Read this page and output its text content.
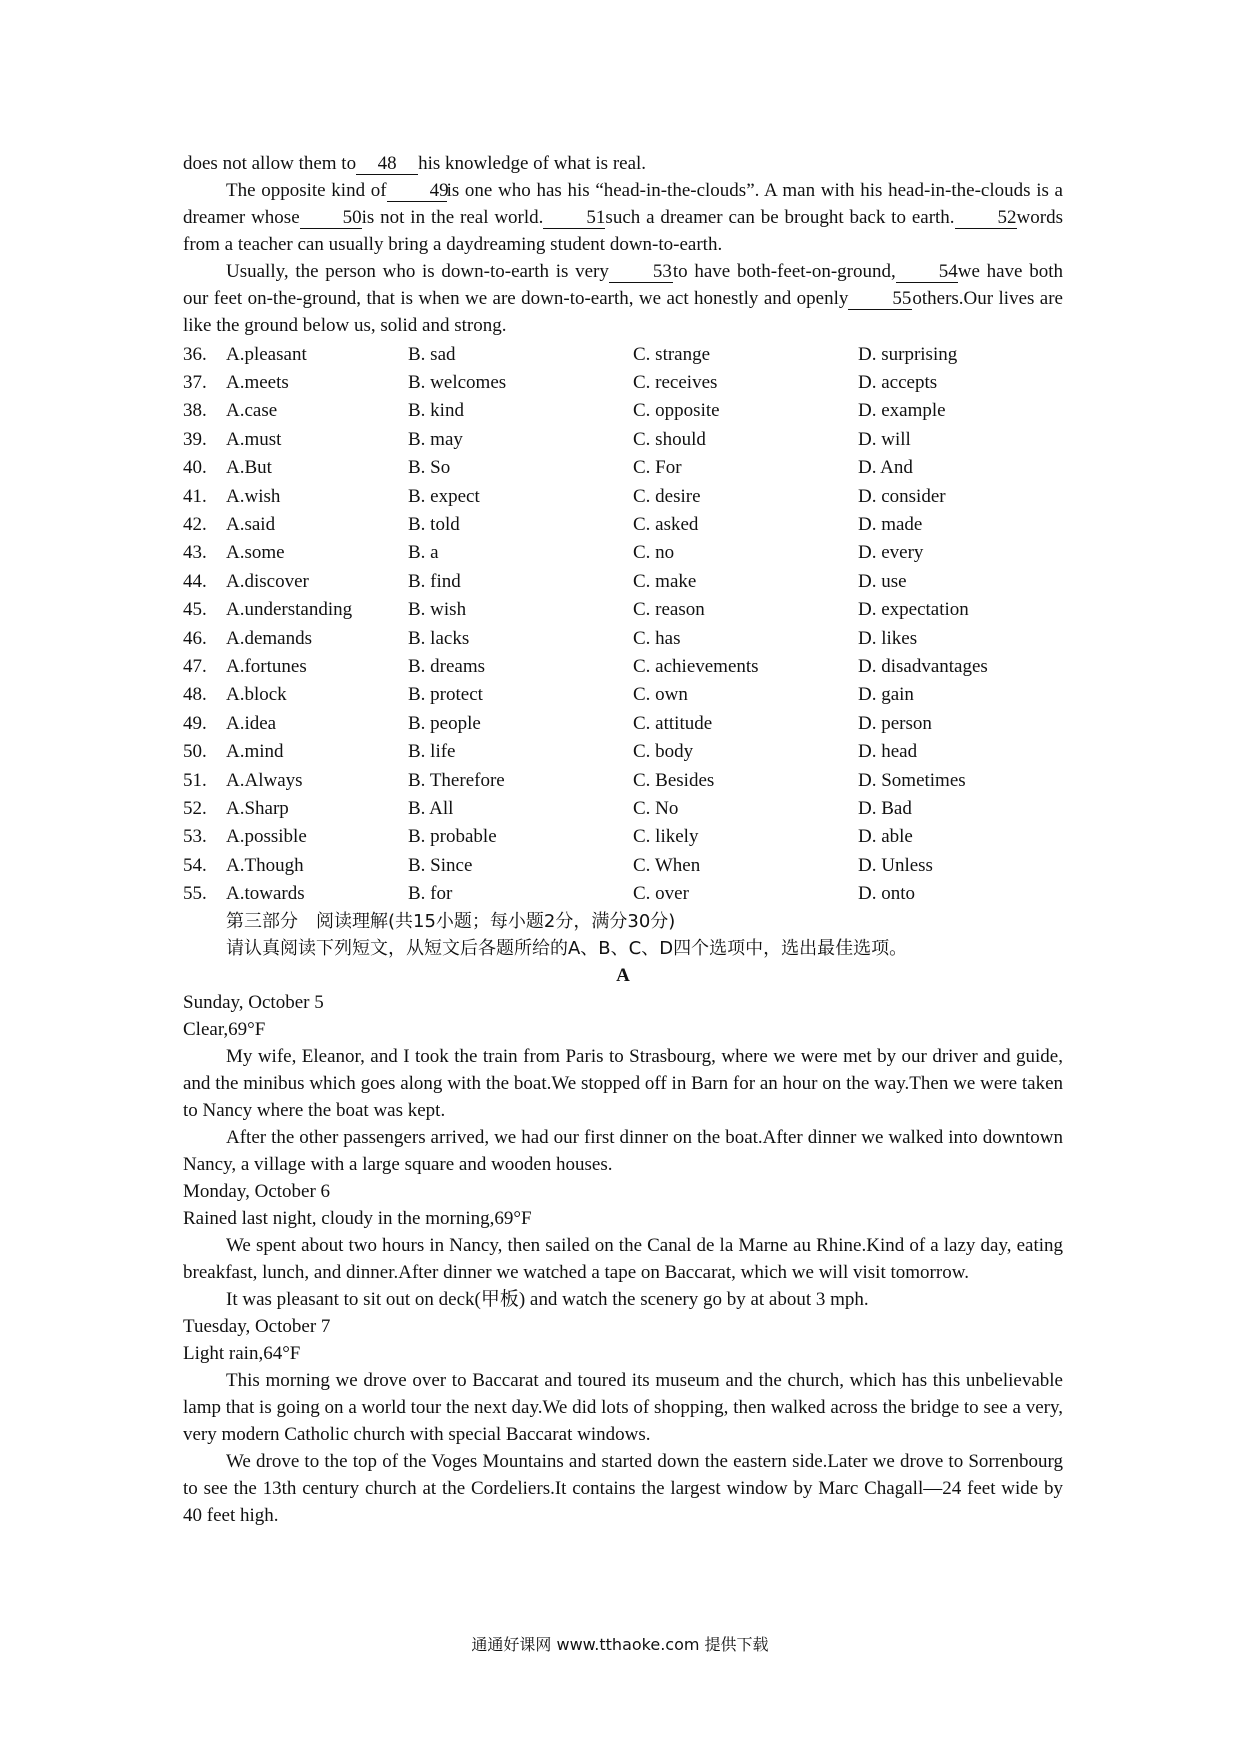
does not allow them to 48 his knowledge of what is real.

The opposite kind of 49is one who has his “head-in-the-clouds”. A man with his head-in-the-clouds is a dreamer whose 50is not in the real world. 51such a dreamer can be brought back to earth. 52words from a teacher can usually bring a daydreaming student down-to-earth.

Usually, the person who is down-to-earth is very 53to have both-feet-on-ground, 54we have both our feet on-the-ground, that is when we are down-to-earth, we act honestly and openly 55others.Our lives are like the ground below us, solid and strong.

36.	A.pleasant	B. sad	C. strange	D. surprising
37.	A.meets	B. welcomes	C. receives	D. accepts
38.	A.case	B. kind	C. opposite	D. example
39.	A.must	B. may	C. should	D. will
40.	A.But	B. So	C. For	D. And
41.	A.wish	B. expect	C. desire	D. consider
42.	A.said	B. told	C. asked	D. made
43.	A.some	B. a	C. no	D. every
44.	A.discover	B. find	C. make	D. use
45.	A.understanding	B. wish	C. reason	D. expectation
46.	A.demands	B. lacks	C. has	D. likes
47.	A.fortunes	B. dreams	C. achievements	D. disadvantages
48.	A.block	B. protect	C. own	D. gain
49.	A.idea	B. people	C. attitude	D. person
50.	A.mind	B. life	C. body	D. head
51.	A.Always	B. Therefore	C. Besides	D. Sometimes
52.	A.Sharp	B. All	C. No	D. Bad
53.	A.possible	B. probable	C. likely	D. able
54.	A.Though	B. Since	C. When	D. Unless
55.	A.towards	B. for	C. over	D. onto

第三部分　阅读理解(共15小题；每小题2分，满分30分)

请认真阅读下列短文，从短文后各题所给的A、B、C、D四个选项中，选出最佳选项。

A

Sunday, October 5

Clear,69°F

My wife, Eleanor, and I took the train from Paris to Strasbourg, where we were met by our driver and guide, and the minibus which goes along with the boat.We stopped off in Barn for an hour on the way.Then we were taken to Nancy where the boat was kept.

After the other passengers arrived, we had our first dinner on the boat.After dinner we walked into downtown Nancy, a village with a large square and wooden houses.

Monday, October 6

Rained last night, cloudy in the morning,69°F

We spent about two hours in Nancy, then sailed on the Canal de la Marne au Rhine.Kind of a lazy day, eating breakfast, lunch, and dinner.After dinner we watched a tape on Baccarat, which we will visit tomorrow.

It was pleasant to sit out on deck(甲板) and watch the scenery go by at about 3 mph.

Tuesday, October 7

Light rain,64°F

This morning we drove over to Baccarat and toured its museum and the church, which has this unbelievable lamp that is going on a world tour the next day.We did lots of shopping, then walked across the bridge to see a very, very modern Catholic church with special Baccarat windows.

We drove to the top of the Voges Mountains and started down the eastern side.Later we drove to Sorrenbourg to see the 13th century church at the Cordeliers.It contains the largest window by Marc Chagall—24 feet wide by 40 feet high.

通通好课网 www.tthaoke.com 提供下载
